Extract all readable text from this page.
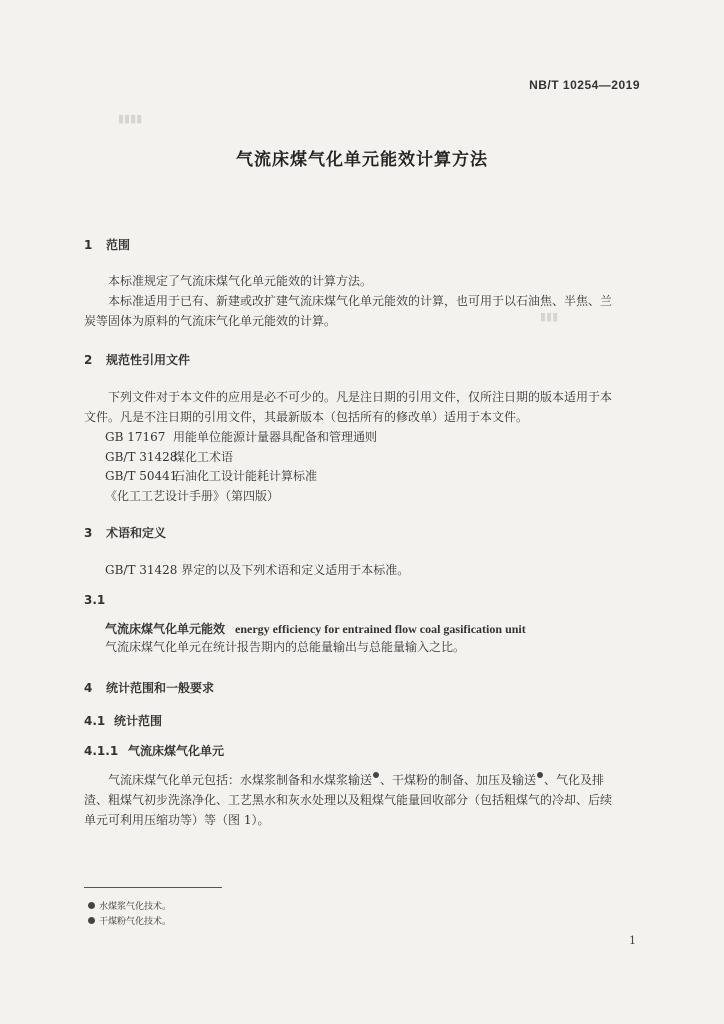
▮▮▮▮
▮▮▮
NB/T 10254—2019
气流床煤气化单元能效计算方法
1 范围

本标准规定了气流床煤气化单元能效的计算方法。

本标准适用于已有、新建或改扩建气流床煤气化单元能效的计算，也可用于以石油焦、半焦、兰

炭等固体为原料的气流床气化单元能效的计算。

2 规范性引用文件

下列文件对于本文件的应用是必不可少的。凡是注日期的引用文件，仅所注日期的版本适用于本

文件。凡是不注日期的引用文件，其最新版本（包括所有的修改单）适用于本文件。

GB 17167 用能单位能源计量器具配备和管理通则
GB/T 31428煤化工术语
GB/T 50441石油化工设计能耗计算标准
《化工工艺设计手册》（第四版）
3 术语和定义
GB/T 31428 界定的以及下列术语和定义适用于本标准。
3.1
气流床煤气化单元能效 energy efficiency for entrained flow coal gasification unit
气流床煤气化单元在统计报告期内的总能量输出与总能量输入之比。
4 统计范围和一般要求
4.1 统计范围
4.1.1 气流床煤气化单元

气流床煤气化单元包括：水煤浆制备和水煤浆输送 、干煤粉的制备、加压及输送 、气化及排

渣、粗煤气初步洗涤净化、工艺黑水和灰水处理以及粗煤气能量回收部分（包括粗煤气的冷却、后续

单元可利用压缩功等）等（图 1）。

水煤浆气化技术。
干煤粉气化技术。
1
